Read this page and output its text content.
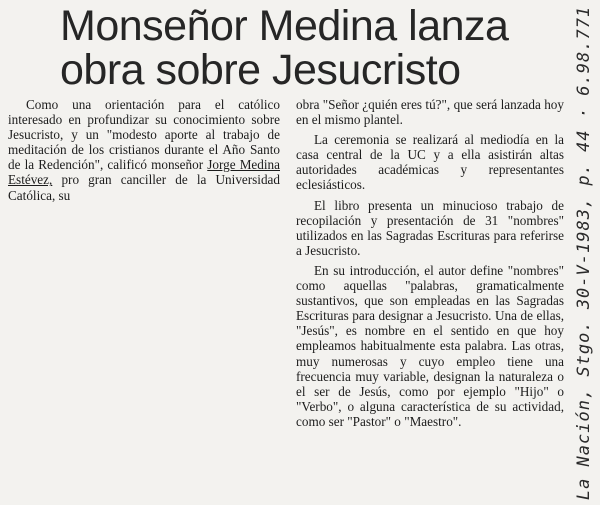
Monseñor Medina lanza
obra sobre Jesucristo

Como una orientación para el católico interesado en profundizar su conocimiento sobre Jesucristo, y un "modesto aporte al trabajo de meditación de los cristianos durante el Año Santo de la Redención", calificó monseñor Jorge Medina Estévez, pro gran canciller de la Universidad Católica, su

obra "Señor ¿quién eres tú?", que será lanzada hoy en el mismo plantel.

La ceremonia se realizará al mediodía en la casa central de la UC y a ella asistirán altas autoridades académicas y representantes eclesiásticos.

El libro presenta un minucioso trabajo de recopilación y presentación de 31 "nombres" utilizados en las Sagradas Escrituras para referirse a Jesucristo.

En su introducción, el autor define "nombres" como aquellas "palabras, gramaticalmente sustantivos, que son empleadas en las Sagradas Escrituras para designar a Jesucristo. Una de ellas, "Jesús", es nombre en el sentido en que hoy empleamos habitualmente esta palabra. Las otras, muy numerosas y cuyo empleo tiene una frecuencia muy variable, designan la naturaleza o el ser de Jesús, como por ejemplo "Hijo" o "Verbo", o alguna característica de su actividad, como ser "Pastor" o "Maestro".	La Nación, Stgo. 30-V-1983, p. 44 · 6.98.771
